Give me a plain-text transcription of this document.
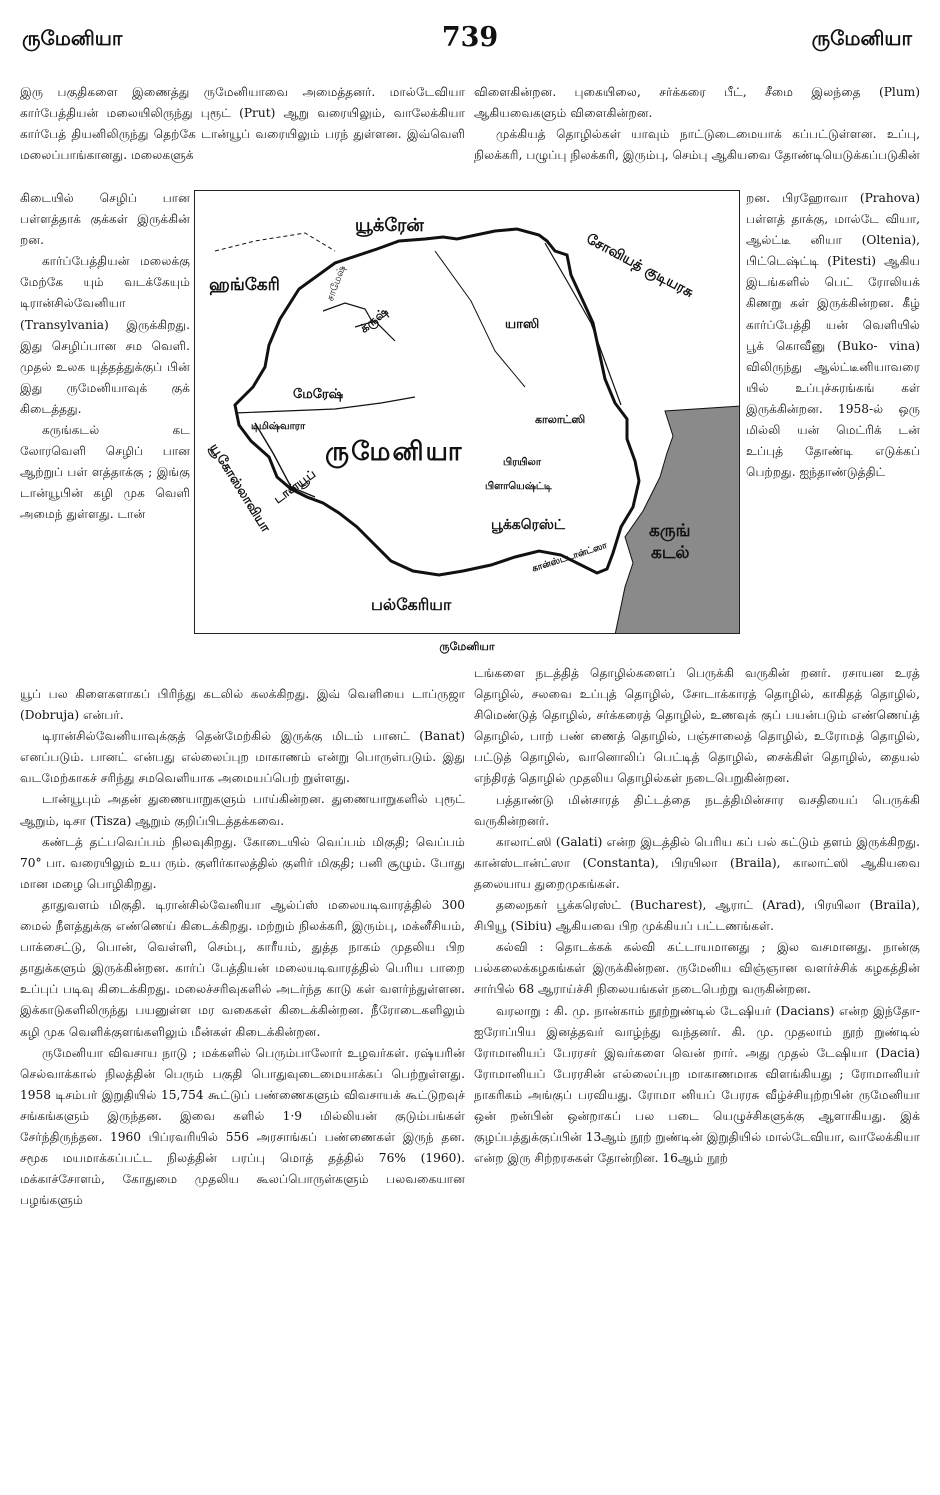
ருமேனியா	739	ருமேனியா

இரு பகுதிகளை இணைத்து ருமேனியாவை அமைத்தனர். மால்டேவியா கார்பேத்தியன் மலையிலிருந்து புரூட் (Prut) ஆறு வரையிலும், வாலேக்கியா கார்பேத் தியனிலிருந்து தெற்கே டான்யூப் வரையிலும் பரந் துள்ளன. இவ்வெளி மலைப்பாங்கானது. மலைகளுக்

கிடையில் செழிப் பான பள்ளத்தாக் குக்கள் இருக்கின் றன.

கார்ப்பேத்தியன் மலைக்கு மேற்கே யும் வடக்கேயும் டிரான்சில்வேனியா (Transylvania) இருக்கிறது. இது செழிப்பான சம வெளி. முதல் உலக யுத்தத்துக்குப் பின் இது ருமேனியாவுக் குக் கிடைத்தது.

கருங்கடல் கட லோரவெளி செழிப் பான ஆற்றுப் பள் ளத்தாக்கு ; இங்கு டான்யூபின் கழி முக வெளி அமைந் துள்ளது. டான்

யூப் பல கிளைகளாகப் பிரிந்து கடலில் கலக்கிறது. இவ் வெளியை டாப்ருஜா (Dobruja) என்பர்.

டிரான்சில்வேனியாவுக்குத் தென்மேற்கில் இருக்கு மிடம் பானட் (Banat) எனப்படும். பானட் என்பது எல்லைப்புற மாகாணம் என்று பொருள்படும். இது வடமேற்காகச் சரிந்து சமவெளியாக அமையப்பெற் றுள்ளது.

டான்யூபும் அதன் துணையாறுகளும் பாய்கின்றன. துணையாறுகளில் புரூட் ஆறும், டிசா (Tisza) ஆறும் குறிப்பிடத்தக்கவை.

கண்டத் தட்பவெப்பம் நிலவுகிறது. கோடையில் வெப்பம் மிகுதி; வெப்பம் 70° பா. வரையிலும் உய ரும். குளிர்காலத்தில் குளிர் மிகுதி; பனி சூழும். போது மான மழை பொழிகிறது.

தாதுவளம் மிகுதி. டிரான்சில்வேனியா ஆல்ப்ஸ் மலையடிவாரத்தில் 300 மைல் நீளத்துக்கு எண்ணெய் கிடைக்கிறது. மற்றும் நிலக்கரி, இரும்பு, மக்னீசியம், பாக்சைட்டு, பொன், வெள்ளி, செம்பு, காரீயம், துத்த நாகம் முதலிய பிற தாதுக்களும் இருக்கின்றன. கார்ப் பேத்தியன் மலையடிவாரத்தில் பெரிய பாறை உப்புப் படிவு கிடைக்கிறது. மலைச்சரிவுகளில் அடர்ந்த காடு கள் வளர்ந்துள்ளன. இக்காடுகளிலிருந்து பயனுள்ள மர வகைகள் கிடைக்கின்றன. நீரோடைகளிலும் கழி முக வெளிக்குளங்களிலும் மீன்கள் கிடைக்கின்றன.

ருமேனியா விவசாய நாடு ; மக்களில் பெரும்பாலோர் உழவர்கள். ரஷ்யரின் செல்வாக்கால் நிலத்தின் பெரும் பகுதி பொதுவுடைமையாக்கப் பெற்றுள்ளது. 1958 டிசம்பர் இறுதியில் 15,754 கூட்டுப் பண்ணைகளும் விவசாயக் கூட்டுறவுச் சங்கங்களும் இருந்தன. இவை களில் 1·9 மில்லியன் குடும்பங்கள் சேர்ந்திருந்தன. 1960 பிப்ரவரியில் 556 அரசாங்கப் பண்ணைகள் இருந் தன. சமூக மயமாக்கப்பட்ட நிலத்தின் பரப்பு மொத் தத்தில் 76% (1960). மக்காச்சோளம், கோதுமை முதலிய கூலப்பொருள்களும் பலவகையான பழங்களும்

விளைகின்றன. புகையிலை, சர்க்கரை பீட், சீமை இலந்தை (Plum) ஆகியவைகளும் விளைகின்றன.

முக்கியத் தொழில்கள் யாவும் நாட்டுடைமையாக் கப்பட்டுள்ளன. உப்பு, நிலக்கரி, பழுப்பு நிலக்கரி, இரும்பு, செம்பு ஆகியவை தோண்டியெடுக்கப்படுகின்

றன. பிரஹோவா (Prahova) பள்ளத் தாக்கு, மால்டே வியா, ஆல்ட்டீ னியா (Oltenia), பிட்டெஷ்ட்டி (Pitesti) ஆகிய இடங்களில் பெட் ரோலியக் கிணறு கள் இருக்கின்றன. கீழ் கார்ப்பேத்தி யன் வெளியில் பூக் கொவீனு (Buko- vina) விலிருந்து ஆல்ட்டீனியாவரை யில் உப்புச்சுரங்கங் கள் இருக்கின்றன. 1958-ல் ஒரு மில்லி யன் மெட்ரிக் டன் உப்புத் தோண்டி எடுக்கப் பெற்றது. ஐந்தாண்டுத்திட்

டங்களை நடத்தித் தொழில்களைப் பெருக்கி வருகின் றனர். ரசாயன உரத் தொழில், சலவை உப்புத் தொழில், சோடாக்காரத் தொழில், காகிதத் தொழில், சிமெண்டுத் தொழில், சர்க்கரைத் தொழில், உணவுக் குப் பயன்படும் எண்ணெய்த் தொழில், பாற் பண் ணைத் தொழில், பஞ்சாலைத் தொழில், உரோமத் தொழில், பட்டுத் தொழில், வானொலிப் பெட்டித் தொழில், சைக்கிள் தொழில், தையல் எந்திரத் தொழில் முதலிய தொழில்கள் நடைபெறுகின்றன.

பத்தாண்டு மின்சாரத் திட்டத்தை நடத்திமின்சார வசதியைப் பெருக்கி வருகின்றனர்.

காலாட்ஸி (Galati) என்ற இடத்தில் பெரிய கப் பல் கட்டும் தளம் இருக்கிறது. கான்ஸ்டான்ட்ஸா (Constanta), பிரயிலா (Braila), காலாட்ஸி ஆகியவை தலையாய துறைமுகங்கள்.

தலைநகர் பூக்கரெஸ்ட் (Bucharest), ஆராட் (Arad), பிரயிலா (Braila), சிபியூ (Sibiu) ஆகியவை பிற முக்கியப் பட்டணங்கள்.

கல்வி : தொடக்கக் கல்வி கட்டாயமானது ; இல வசமானது. நான்கு பல்கலைக்கழகங்கள் இருக்கின்றன. ருமேனிய விஞ்ஞான வளர்ச்சிக் கழகத்தின் சார்பில் 68 ஆராய்ச்சி நிலையங்கள் நடைபெற்று வருகின்றன.

வரலாறு : கி. மு. நான்காம் நூற்றுண்டில் டேஷியர் (Dacians) என்ற இந்தோ-ஐரோப்பிய இனத்தவர் வாழ்ந்து வந்தனர். கி. மு. முதலாம் நூற் றுண்டில் ரோமானியப் பேரரசர் இவர்களை வென் றார். அது முதல் டேஷியா (Dacia) ரோமானியப் பேரரசின் எல்லைப்புற மாகாணமாக விளங்கியது ; ரோமானியர் நாகரிகம் அங்குப் பரவியது. ரோமா னியப் பேரரசு வீழ்ச்சியுற்றபின் ருமேனியா ஒன் றன்பின் ஒன்றாகப் பல படை யெழுச்சிகளுக்கு ஆளாகியது. இக் குழப்பத்துக்குப்பின் 13ஆம் நூற் றுண்டின் இறுதியில் மால்டேவியா, வாலேக்கியா என்ற இரு சிற்றரசுகள் தோன்றின. 16ஆம் நூற்

யூக்ரேன்
ஹங்கேரி	சோவியத் குடியரசு
யாஸி
சாமேஷ்
க்ருஷ்
மேரேஷ்
டிமிஷ்வாரா
ருமேனியா
காலாட்ஸி
பிரயிலா
பிளாயெஷ்ட்டி
யூகோஸ்லாவியா
டான்யூப்
பூக்கரெஸ்ட்
கான்ஸ்ட்டான்ட்ஸா
கருங்
கடல்
பல்கேரியா
ருமேனியா
